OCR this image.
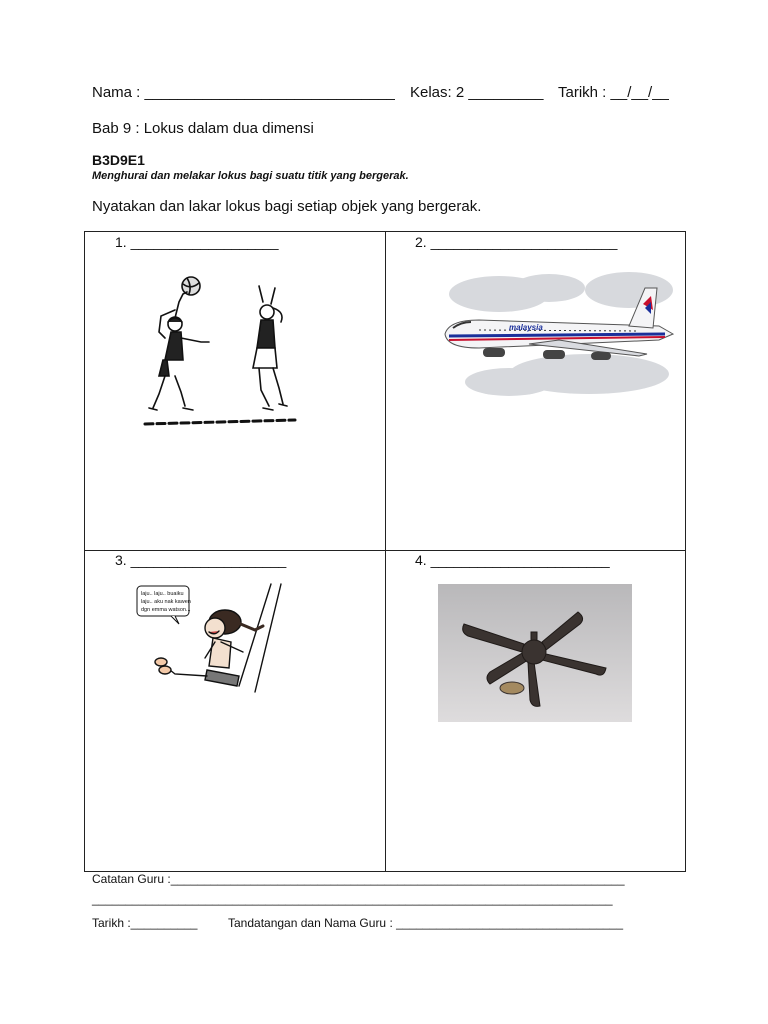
Nama : ______________________________ Kelas: 2 _________ Tarikh : __/__/__
Bab 9 : Lokus dalam dua dimensi
B3D9E1
Menghurai dan melakar lokus bagi suatu titik yang bergerak.
Nyatakan dan lakar lokus bagi setiap objek yang bergerak.
1. ___________________	2. ________________________
malaysia
3. ____________________
laju.. laju.. buaiku
laju.. aku nak kawen
dgn emma watson...
4. _______________________
Catatan Guru :____________________________________________________________________
______________________________________________________________________________
Tarikh :__________	Tandatangan dan Nama Guru : __________________________________
